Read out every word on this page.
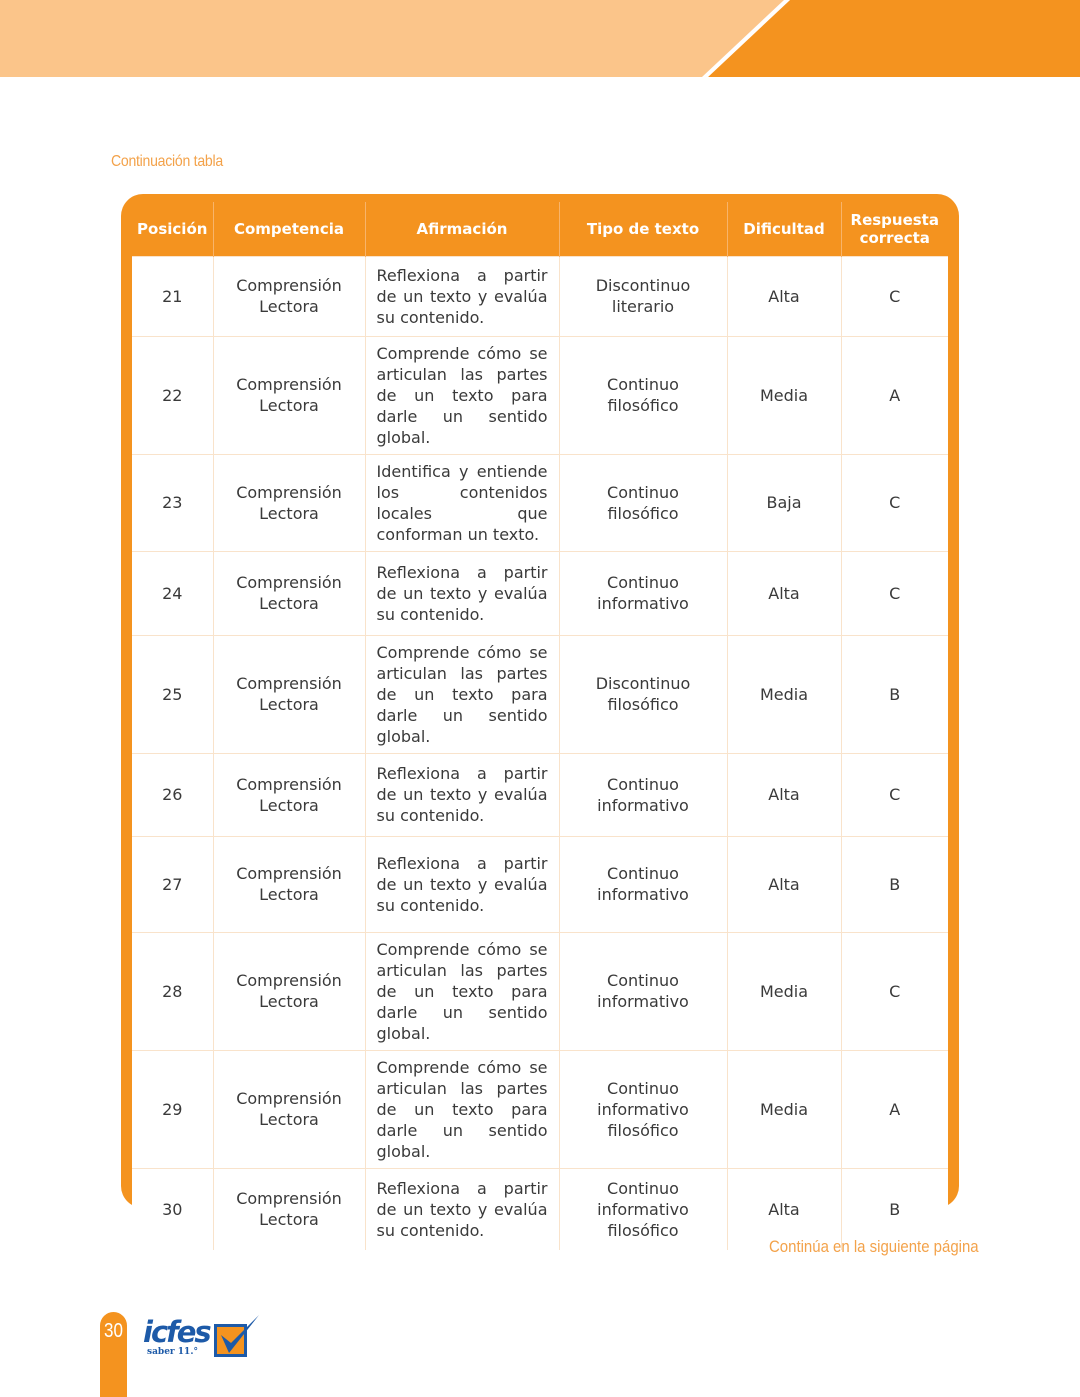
Continuación tabla
Posición	Competencia	Afirmación	Tipo de texto	Dificultad	Respuesta correcta
21	Comprensión Lectora	Reflexiona a partir de un texto y evalúa su contenido.	Discontinuo literario	Alta	C
22	Comprensión Lectora	Comprende cómo se articulan las partes de un texto para darle un sentido global.	Continuo filosófico	Media	A
23	Comprensión Lectora	Identifica y entiende los contenidos locales que conforman un texto.	Continuo filosófico	Baja	C
24	Comprensión Lectora	Reflexiona a partir de un texto y evalúa su contenido.	Continuo informativo	Alta	C
25	Comprensión Lectora	Comprende cómo se articulan las partes de un texto para darle un sentido global.	Discontinuo filosófico	Media	B
26	Comprensión Lectora	Reflexiona a partir de un texto y evalúa su contenido.	Continuo informativo	Alta	C
27	Comprensión Lectora	Reflexiona a partir de un texto y evalúa su contenido.	Continuo informativo	Alta	B
28	Comprensión Lectora	Comprende cómo se articulan las partes de un texto para darle un sentido global.	Continuo informativo	Media	C
29	Comprensión Lectora	Comprende cómo se articulan las partes de un texto para darle un sentido global.	Continuo informativo filosófico	Media	A
30	Comprensión Lectora	Reflexiona a partir de un texto y evalúa su contenido.	Continuo informativo filosófico	Alta	B
Continúa en la siguiente página
30 icfes
saber 11.°
